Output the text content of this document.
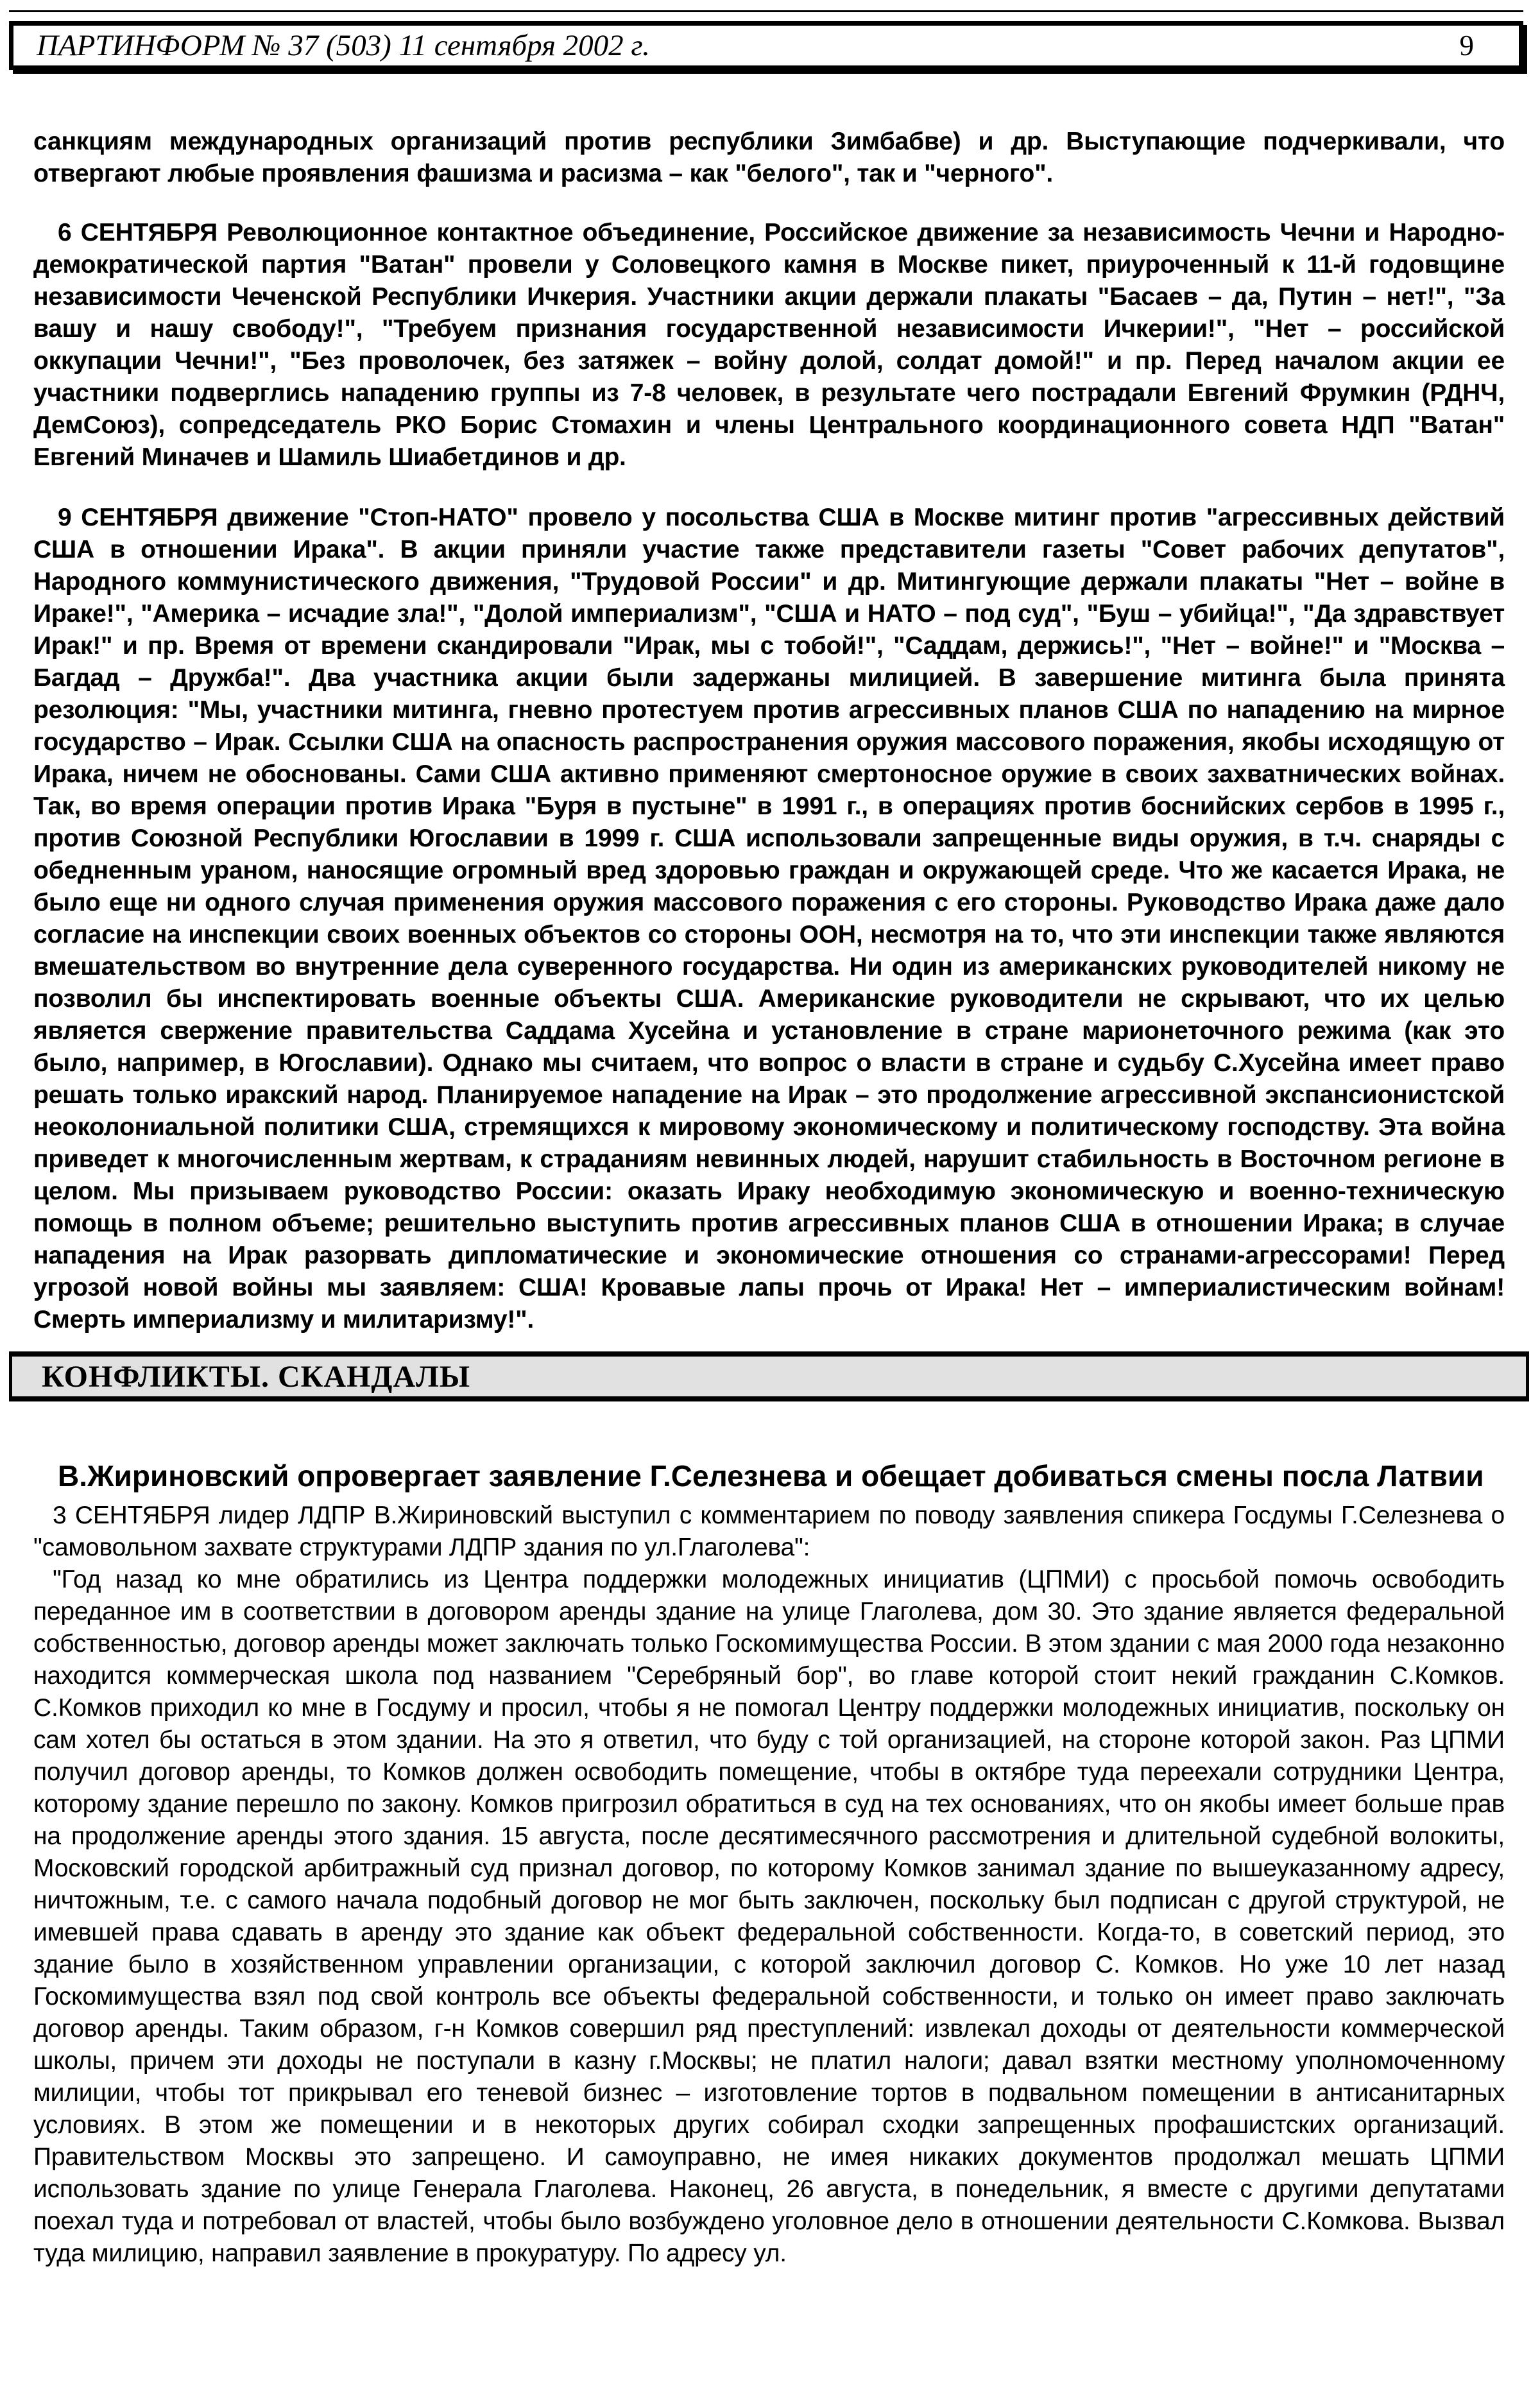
ПАРТИНФОРМ № 37 (503) 11 сентября 2002 г.	9

санкциям международных организаций против республики Зимбабве) и др. Выступающие подчеркивали, что отвергают любые проявления фашизма и расизма – как "белого", так и "черного".

6 СЕНТЯБРЯ Революционное контактное объединение, Российское движение за независимость Чечни и Народно-демократической партия "Ватан" провели у Соловецкого камня в Москве пикет, приуроченный к 11-й годовщине независимости Чеченской Республики Ичкерия. Участники акции держали плакаты "Басаев – да, Путин – нет!", "За вашу и нашу свободу!", "Требуем признания государственной независимости Ичкерии!", "Нет – российской оккупации Чечни!", "Без проволочек, без затяжек – войну долой, солдат домой!" и пр. Перед началом акции ее участники подверглись нападению группы из 7-8 человек, в результате чего пострадали Евгений Фрумкин (РДНЧ, ДемСоюз), сопредседатель РКО Борис Стомахин и члены Центрального координационного совета НДП "Ватан" Евгений Миначев и Шамиль Шиабетдинов и др.

9 СЕНТЯБРЯ движение "Стоп-НАТО" провело у посольства США в Москве митинг против "агрессивных действий США в отношении Ирака". В акции приняли участие также представители газеты "Совет рабочих депутатов", Народного коммунистического движения, "Трудовой России" и др. Митингующие держали плакаты "Нет – войне в Ираке!", "Америка – исчадие зла!", "Долой империализм", "США и НАТО – под суд", "Буш – убийца!", "Да здравствует Ирак!" и пр. Время от времени скандировали "Ирак, мы с тобой!", "Саддам, держись!", "Нет – войне!" и "Москва – Багдад – Дружба!". Два участника акции были задержаны милицией. В завершение митинга была принята резолюция: "Мы, участники митинга, гневно протестуем против агрессивных планов США по нападению на мирное государство – Ирак. Ссылки США на опасность распространения оружия массового поражения, якобы исходящую от Ирака, ничем не обоснованы. Сами США активно применяют смертоносное оружие в своих захватнических войнах. Так, во время операции против Ирака "Буря в пустыне" в 1991 г., в операциях против боснийских сербов в 1995 г., против Союзной Республики Югославии в 1999 г. США использовали запрещенные виды оружия, в т.ч. снаряды с обедненным ураном, наносящие огромный вред здоровью граждан и окружающей среде. Что же касается Ирака, не было еще ни одного случая применения оружия массового поражения с его стороны. Руководство Ирака даже дало согласие на инспекции своих военных объектов со стороны ООН, несмотря на то, что эти инспекции также являются вмешательством во внутренние дела суверенного государства. Ни один из американских руководителей никому не позволил бы инспектировать военные объекты США. Американские руководители не скрывают, что их целью является свержение правительства Саддама Хусейна и установление в стране марионеточного режима (как это было, например, в Югославии). Однако мы считаем, что вопрос о власти в стране и судьбу С.Хусейна имеет право решать только иракский народ. Планируемое нападение на Ирак – это продолжение агрессивной экспансионистской неоколониальной политики США, стремящихся к мировому экономическому и политическому господству. Эта война приведет к многочисленным жертвам, к страданиям невинных людей, нарушит стабильность в Восточном регионе в целом. Мы призываем руководство России: оказать Ираку необходимую экономическую и военно-техническую помощь в полном объеме; решительно выступить против агрессивных планов США в отношении Ирака; в случае нападения на Ирак разорвать дипломатические и экономические отношения со странами-агрессорами! Перед угрозой новой войны мы заявляем: США! Кровавые лапы прочь от Ирака! Нет – империалистическим войнам! Смерть империализму и милитаризму!".

КОНФЛИКТЫ. СКАНДАЛЫ
В.Жириновский опровергает заявление Г.Селезнева и обещает добиваться смены посла Латвии

3 СЕНТЯБРЯ лидер ЛДПР В.Жириновский выступил с комментарием по поводу заявления спикера Госдумы Г.Селезнева о "самовольном захвате структурами ЛДПР здания по ул.Глаголева":

"Год назад ко мне обратились из Центра поддержки молодежных инициатив (ЦПМИ) с просьбой помочь освободить переданное им в соответствии в договором аренды здание на улице Глаголева, дом 30. Это здание является федеральной собственностью, договор аренды может заключать только Госкомимущества России. В этом здании с мая 2000 года незаконно находится коммерческая школа под названием "Серебряный бор", во главе которой стоит некий гражданин С.Комков. С.Комков приходил ко мне в Госдуму и просил, чтобы я не помогал Центру поддержки молодежных инициатив, поскольку он сам хотел бы остаться в этом здании. На это я ответил, что буду с той организацией, на стороне которой закон. Раз ЦПМИ получил договор аренды, то Комков должен освободить помещение, чтобы в октябре туда переехали сотрудники Центра, которому здание перешло по закону. Комков пригрозил обратиться в суд на тех основаниях, что он якобы имеет больше прав на продолжение аренды этого здания. 15 августа, после десятимесячного рассмотрения и длительной судебной волокиты, Московский городской арбитражный суд признал договор, по которому Комков занимал здание по вышеуказанному адресу, ничтожным, т.е. с самого начала подобный договор не мог быть заключен, поскольку был подписан с другой структурой, не имевшей права сдавать в аренду это здание как объект федеральной собственности. Когда-то, в советский период, это здание было в хозяйственном управлении организации, с которой заключил договор С. Комков. Но уже 10 лет назад Госкомимущества взял под свой контроль все объекты федеральной собственности, и только он имеет право заключать договор аренды. Таким образом, г-н Комков совершил ряд преступлений: извлекал доходы от деятельности коммерческой школы, причем эти доходы не поступали в казну г.Москвы; не платил налоги; давал взятки местному уполномоченному милиции, чтобы тот прикрывал его теневой бизнес – изготовление тортов в подвальном помещении в антисанитарных условиях. В этом же помещении и в некоторых других собирал сходки запрещенных профашистских организаций. Правительством Москвы это запрещено. И самоуправно, не имея никаких документов продолжал мешать ЦПМИ использовать здание по улице Генерала Глаголева. Наконец, 26 августа, в понедельник, я вместе с другими депутатами поехал туда и потребовал от властей, чтобы было возбуждено уголовное дело в отношении деятельности С.Комкова. Вызвал туда милицию, направил заявление в прокуратуру. По адресу ул.
